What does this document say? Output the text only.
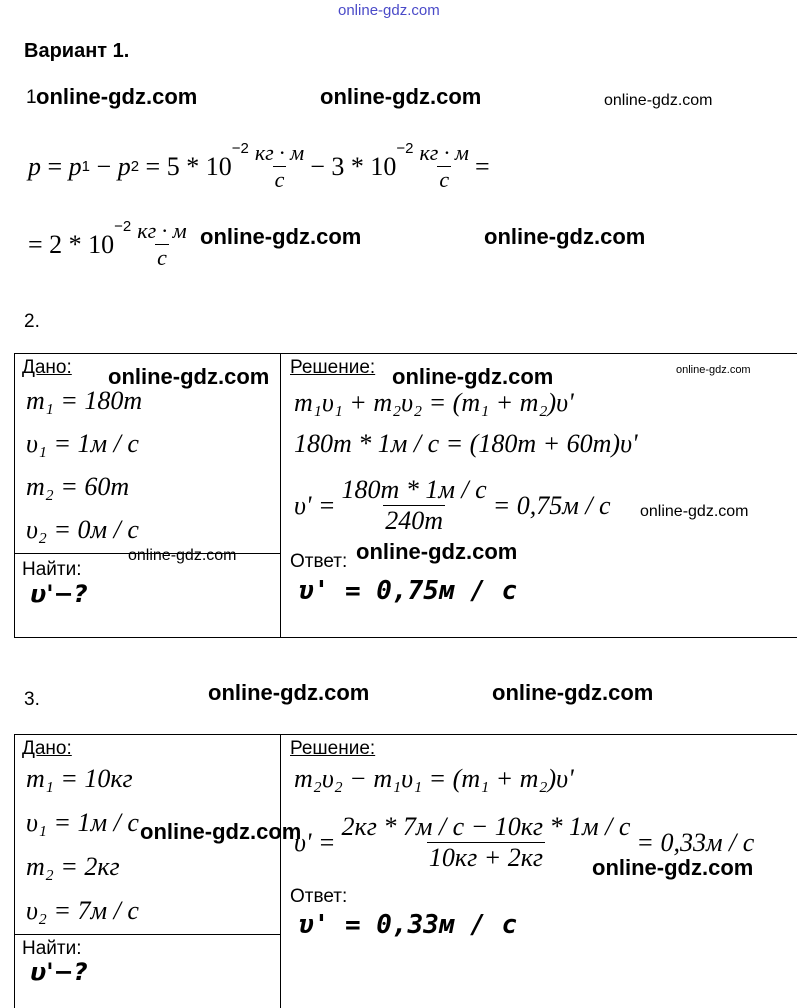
online-gdz.com
Вариант 1.
1 online-gdz.com	online-gdz.com	online-gdz.com
p = p 1 − p 2 = 5 * 10
$-2 \frac{кг \cdot м}{с} - 3 * 10$
$-2 \frac{кг \cdot м}{с}$ =
= 2 * 10
$-2 \frac{кг \cdot м}{с}$ online-gdz.com	online-gdz.com
2.
Дано: online-gdz.com
m₁ = 180т
υ₁ = 1м / с
m₂ = 60т
υ₂ = 0м / с
online-gdz.com
Найти:
υ'−?
Решение: online-gdz.com	online-gdz.com
m₁υ₁ + m₂υ₂ = (m₁ + m₂)υ'
180т * 1м / с = (180т + 60т)υ'
$\upsilon' = \frac{180т * 1м / с}{240т} = 0,75м / с$ online-gdz.com
Ответ: online-gdz.com
υ' = 0,75м / с
3.	online-gdz.com	online-gdz.com
Дано:
m₁ = 10кг
υ₁ = 1м / с online-gdz.com
m₂ = 2кг
υ₂ = 7м / с
Найти:
υ'−?
Решение:
m₂υ₂ − m₁υ₁ = (m₁ + m₂)υ'
$\upsilon' = \frac{2кг * 7м / с - 10кг * 1м / с}{10кг + 2кг} = 0,33м / с$
online-gdz.com
Ответ:
υ' = 0,33м / с
